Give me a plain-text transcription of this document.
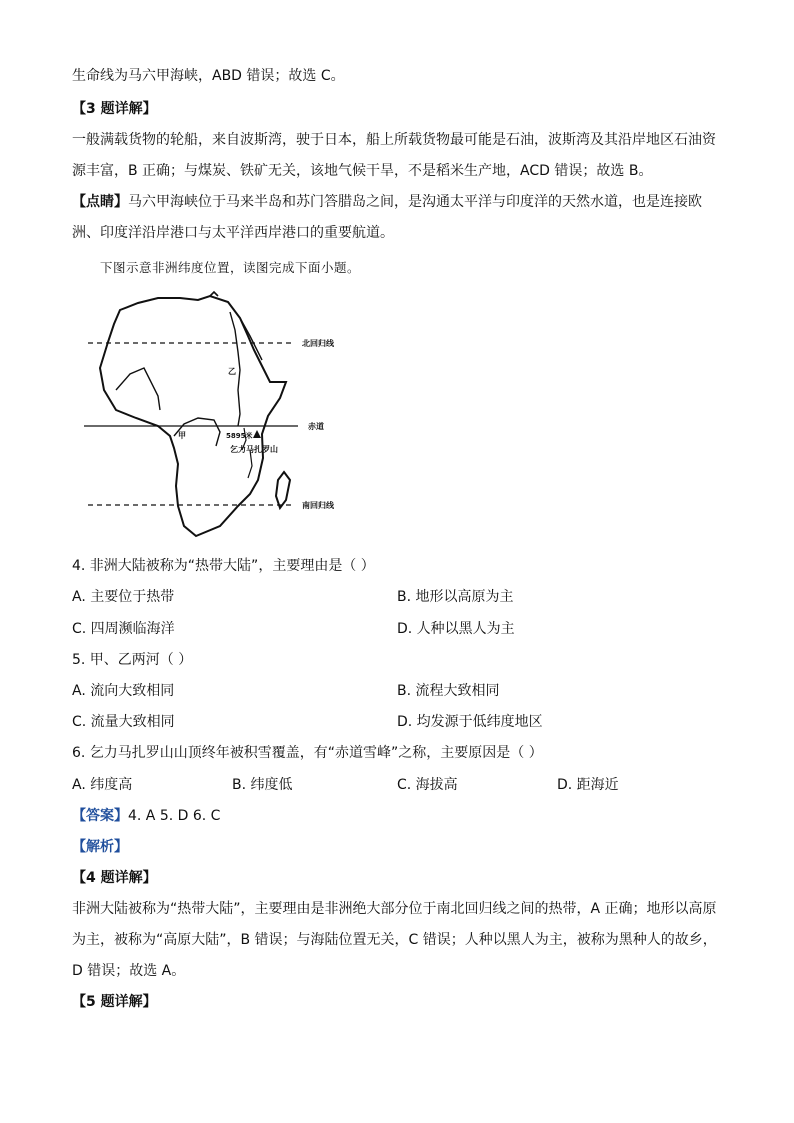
生命线为马六甲海峡，ABD 错误；故选 C。
【3 题详解】
一般满载货物的轮船，来自波斯湾，驶于日本，船上所载货物最可能是石油，波斯湾及其沿岸地区石油资
源丰富，B 正确；与煤炭、铁矿无关，该地气候干旱，不是稻米生产地，ACD 错误；故选 B。
【点睛】马六甲海峡位于马来半岛和苏门答腊岛之间，是沟通太平洋与印度洋的天然水道，也是连接欧
洲、印度洋沿岸港口与太平洋西岸港口的重要航道。
下图示意非洲纬度位置，读图完成下面小题。
北回归线
赤道
南回归线
甲
乙
5895米
乞力马扎罗山
4. 非洲大陆被称为“热带大陆”，主要理由是（ ）
A. 主要位于热带	B. 地形以高原为主
C. 四周濒临海洋	D. 人种以黑人为主
5. 甲、乙两河（ ）
A. 流向大致相同	B. 流程大致相同
C. 流量大致相同	D. 均发源于低纬度地区
6. 乞力马扎罗山山顶终年被积雪覆盖，有“赤道雪峰”之称，主要原因是（ ）
A. 纬度高	B. 纬度低	C. 海拔高	D. 距海近
【答案】4. A 5. D 6. C
【解析】
【4 题详解】
非洲大陆被称为“热带大陆”，主要理由是非洲绝大部分位于南北回归线之间的热带，A 正确；地形以高原
为主，被称为“高原大陆”，B 错误；与海陆位置无关，C 错误；人种以黑人为主，被称为黑种人的故乡，
D 错误；故选 A。
【5 题详解】
